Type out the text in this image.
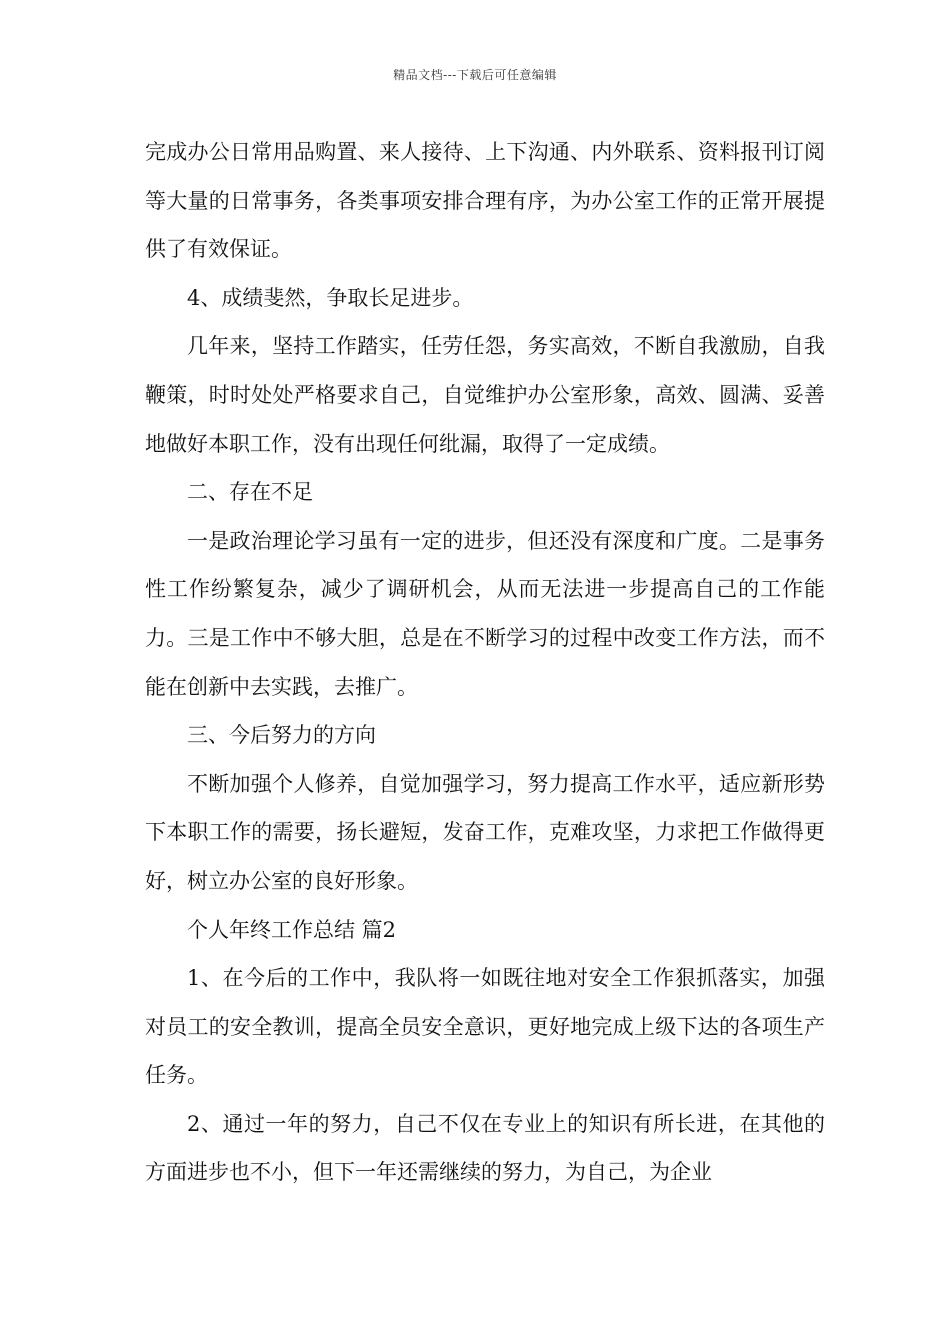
精品文档---下载后可任意编辑

完成办公日常用品购置、来人接待、上下沟通、内外联系、资料报刊订阅等大量的日常事务，各类事项安排合理有序，为办公室工作的正常开展提供了有效保证。

4、成绩斐然，争取长足进步。

几年来，坚持工作踏实，任劳任怨，务实高效，不断自我激励，自我鞭策，时时处处严格要求自己，自觉维护办公室形象，高效、圆满、妥善地做好本职工作，没有出现任何纰漏，取得了一定成绩。

二、存在不足

一是政治理论学习虽有一定的进步，但还没有深度和广度。二是事务性工作纷繁复杂，减少了调研机会，从而无法进一步提高自己的工作能力。三是工作中不够大胆，总是在不断学习的过程中改变工作方法，而不能在创新中去实践，去推广。

三、今后努力的方向

不断加强个人修养，自觉加强学习，努力提高工作水平，适应新形势下本职工作的需要，扬长避短，发奋工作，克难攻坚，力求把工作做得更好，树立办公室的良好形象。

个人年终工作总结 篇2

1、在今后的工作中，我队将一如既往地对安全工作狠抓落实，加强对员工的安全教训，提高全员安全意识，更好地完成上级下达的各项生产任务。

2、通过一年的努力，自己不仅在专业上的知识有所长进，在其他的方面进步也不小，但下一年还需继续的努力，为自己，为企业
